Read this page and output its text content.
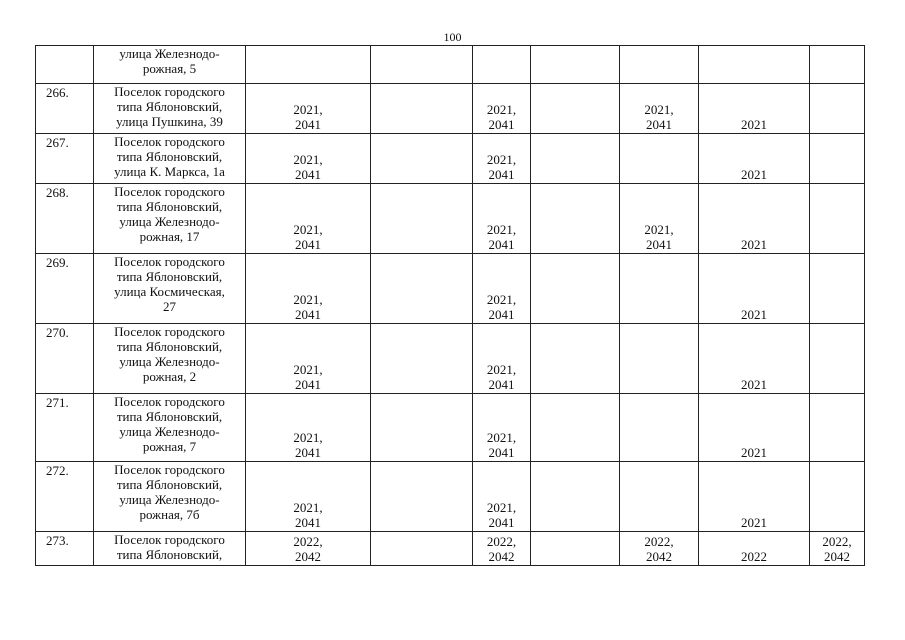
100
	улица Железнодо-
рожная, 5							
266.	Поселок городского
типа Яблоновский,
улица Пушкина, 39	2021,
2041		2021,
2041		2021,
2041	2021	
267.	Поселок городского
типа Яблоновский,
улица К. Маркса, 1а	2021,
2041		2021,
2041			2021	
268.	Поселок городского
типа Яблоновский,
улица Железнодо-
рожная, 17	2021,
2041		2021,
2041		2021,
2041	2021	
269.	Поселок городского
типа Яблоновский,
улица Космическая,
27	2021,
2041		2021,
2041			2021	
270.	Поселок городского
типа Яблоновский,
улица Железнодо-
рожная, 2	2021,
2041		2021,
2041			2021	
271.	Поселок городского
типа Яблоновский,
улица Железнодо-
рожная, 7	2021,
2041		2021,
2041			2021	
272.	Поселок городского
типа Яблоновский,
улица Железнодо-
рожная, 7б	2021,
2041		2021,
2041			2021	
273.	Поселок городского
типа Яблоновский,	2022,
2042		2022,
2042		2022,
2042	2022	2022,
2042
